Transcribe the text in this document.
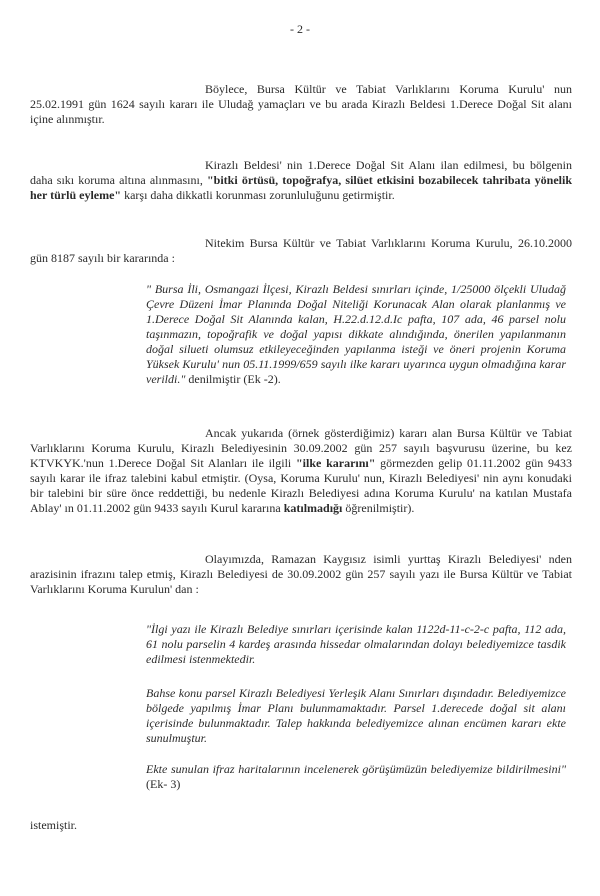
- 2 -
Böylece, Bursa Kültür ve Tabiat Varlıklarını Koruma Kurulu' nun 25.02.1991 gün 1624 sayılı kararı ile Uludağ yamaçları ve bu arada Kirazlı Beldesi 1.Derece Doğal Sit alanı içine alınmıştır.
Kirazlı Beldesi' nin 1.Derece Doğal Sit Alanı ilan edilmesi, bu bölgenin daha sıkı koruma altına alınmasını, "bitki örtüsü, topoğrafya, silüet etkisini bozabilecek tahribata yönelik her türlü eyleme" karşı daha dikkatli korunması zorunluluğunu getirmiştir.
Nitekim Bursa Kültür ve Tabiat Varlıklarını Koruma Kurulu, 26.10.2000 gün 8187 sayılı bir kararında :
" Bursa İli, Osmangazi İlçesi, Kirazlı Beldesi sınırları içinde, 1/25000 ölçekli Uludağ Çevre Düzeni İmar Planında Doğal Niteliği Korunacak Alan olarak planlanmış ve 1.Derece Doğal Sit Alanında kalan, H.22.d.12.d.Ic pafta, 107 ada, 46 parsel nolu taşınmazın, topoğrafik ve doğal yapısı dikkate alındığında, önerilen yapılanmanın doğal silueti olumsuz etkileyeceğinden yapılanma isteği ve öneri projenin Koruma Yüksek Kurulu' nun 05.11.1999/659 sayılı ilke kararı uyarınca uygun olmadığına karar verildi." denilmiştir (Ek -2).
Ancak yukarıda (örnek gösterdiğimiz) kararı alan Bursa Kültür ve Tabiat Varlıklarını Koruma Kurulu, Kirazlı Belediyesinin 30.09.2002 gün 257 sayılı başvurusu üzerine, bu kez KTVKYK.'nun 1.Derece Doğal Sit Alanları ile ilgili "ilke kararını" görmezden gelip 01.11.2002 gün 9433 sayılı karar ile ifraz talebini kabul etmiştir. (Oysa, Koruma Kurulu' nun, Kirazlı Belediyesi' nin aynı konudaki bir talebini bir süre önce reddettiği, bu nedenle Kirazlı Belediyesi adına Koruma Kurulu' na katılan Mustafa Ablay' ın 01.11.2002 gün 9433 sayılı Kurul kararına katılmadığı öğrenilmiştir).
Olayımızda, Ramazan Kaygısız isimli yurttaş Kirazlı Belediyesi' nden arazisinin ifrazını talep etmiş, Kirazlı Belediyesi de 30.09.2002 gün 257 sayılı yazı ile Bursa Kültür ve Tabiat Varlıklarını Koruma Kurulun' dan :
"İlgi yazı ile Kirazlı Belediye sınırları içerisinde kalan 1122d-11-c-2-c pafta, 112 ada, 61 nolu parselin 4 kardeş arasında hissedar olmalarından dolayı belediyemizce tasdik edilmesi istenmektedir.
Bahse konu parsel Kirazlı Belediyesi Yerleşik Alanı Sınırları dışındadır. Belediyemizce bölgede yapılmış İmar Planı bulunmamaktadır. Parsel 1.derecede doğal sit alanı içerisinde bulunmaktadır. Talep hakkında belediyemizce alınan encümen kararı ekte sunulmuştur.
Ekte sunulan ifraz haritalarının incelenerek görüşümüzün belediyemize bildirilmesini" (Ek- 3)
istemiştir.
